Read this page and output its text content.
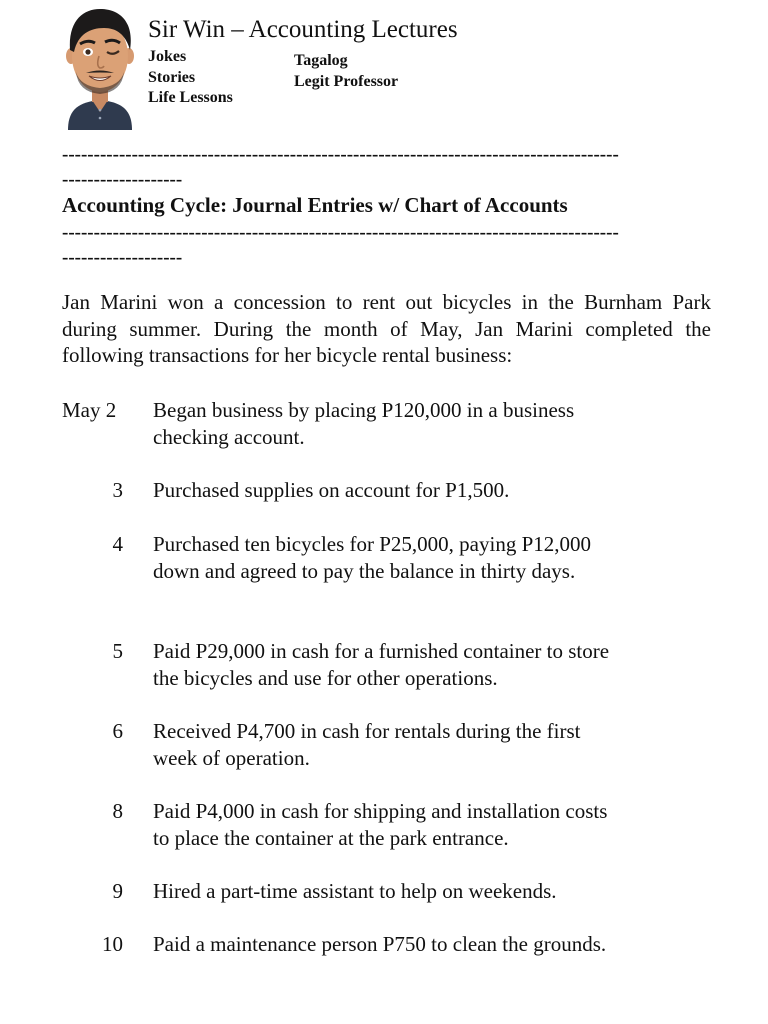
Sir Win – Accounting Lectures
Jokes
Stories
Life Lessons
Tagalog
Legit Professor
----------------------------------------------------------------------------------------
-------------------
Accounting Cycle: Journal Entries w/ Chart of Accounts
----------------------------------------------------------------------------------------
-------------------
Jan Marini won a concession to rent out bicycles in the Burnham Park during summer. During the month of May, Jan Marini completed the following transactions for her bicycle rental business:
May 2	Began business by placing P120,000 in a business checking account.
3 Purchased supplies on account for P1,500.
4 Purchased ten bicycles for P25,000, paying P12,000 down and agreed to pay the balance in thirty days.
5 Paid P29,000 in cash for a furnished container to store the bicycles and use for other operations.
6 Received P4,700 in cash for rentals during the first week of operation.
8 Paid P4,000 in cash for shipping and installation costs to place the container at the park entrance.
9 Hired a part-time assistant to help on weekends.
10 Paid a maintenance person P750 to clean the grounds.
